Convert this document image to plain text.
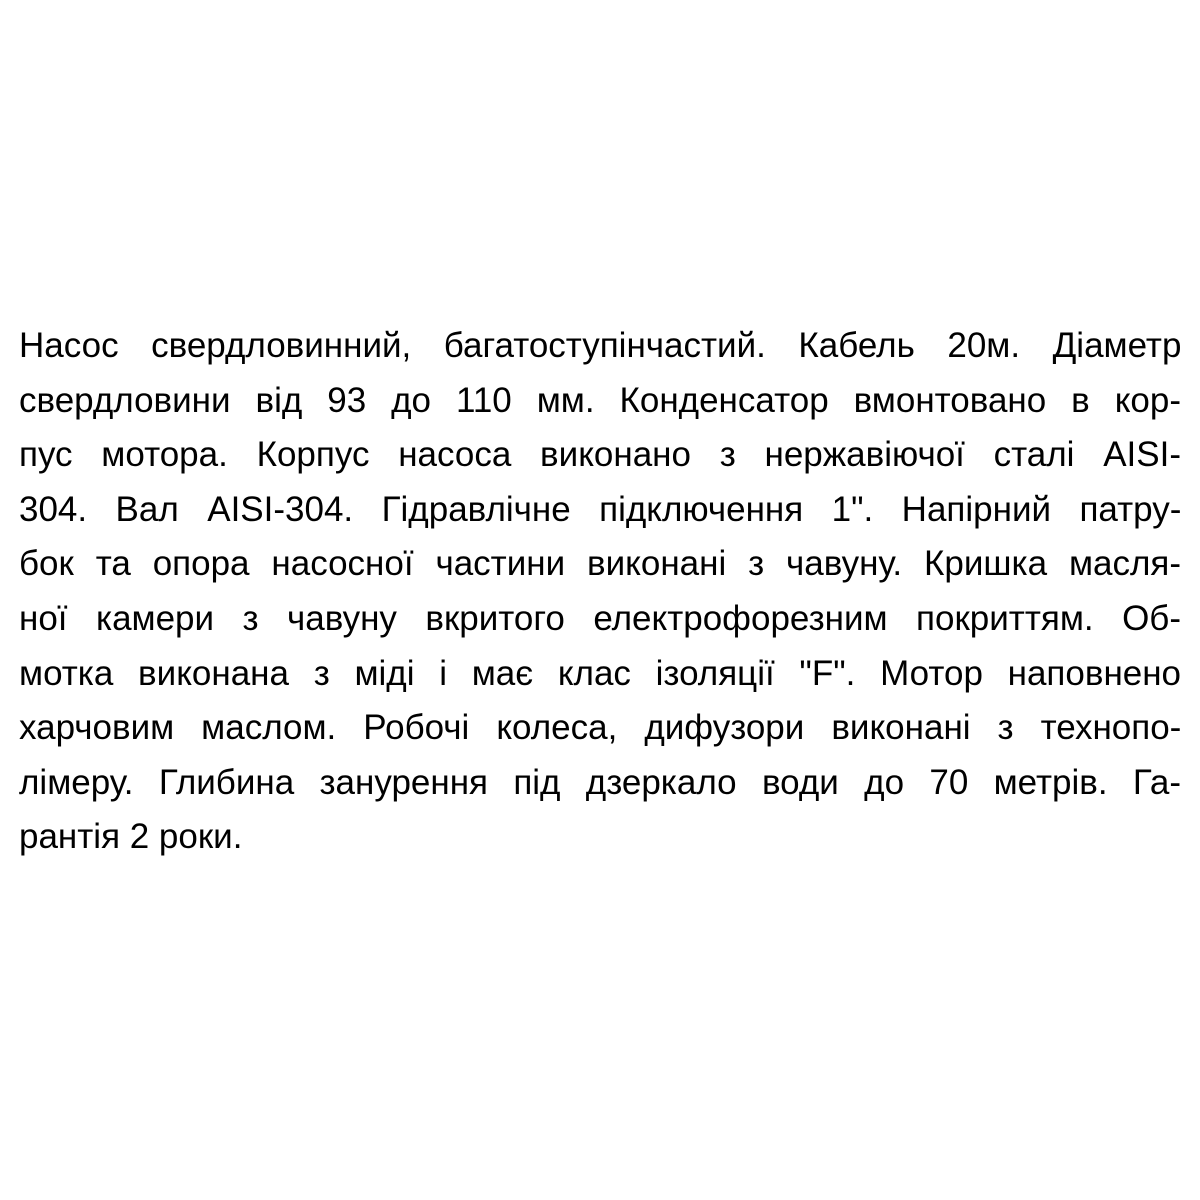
Насос свердловинний, багатоступінчастий. Кабель 20м. Діаметр
свердловини від 93 до 110 мм. Конденсатор вмонтовано в кор-
пус мотора. Корпус насоса виконано з нержавіючої сталі AISI-
304. Вал AISI-304. Гідравлічне підключення 1". Напірний патру-
бок та опора насосної частини виконані з чавуну. Кришка масля-
ної камери з чавуну вкритого електрофорезним покриттям. Об-
мотка виконана з міді і має клас ізоляції "F". Мотор наповнено
харчовим маслом. Робочі колеса, дифузори виконані з технопо-
лімеру. Глибина занурення під дзеркало води до 70 метрів. Га-
рантія 2 роки.
